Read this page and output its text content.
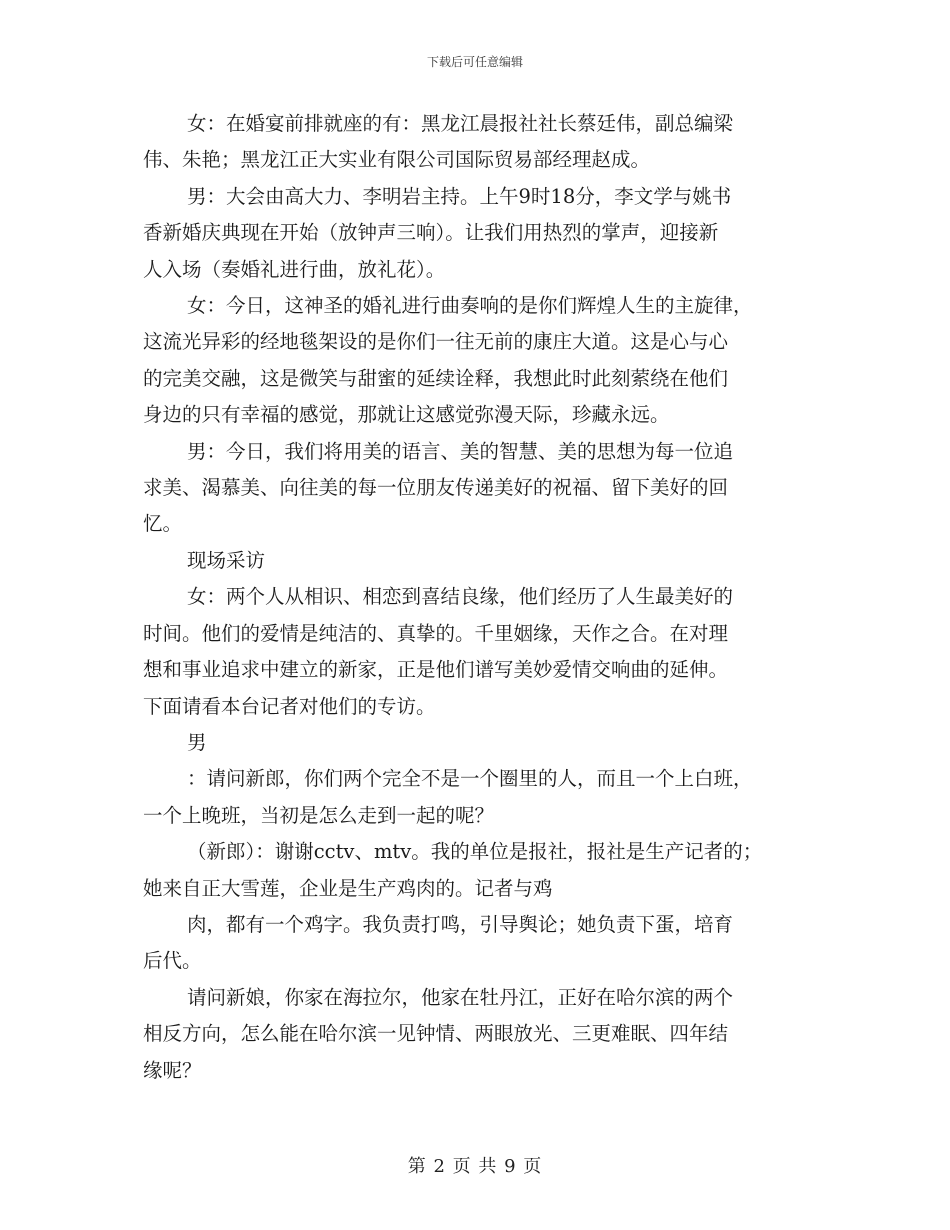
下载后可任意编辑

女：在婚宴前排就座的有：黑龙江晨报社社长蔡廷伟，副总编梁

伟、朱艳；黑龙江正大实业有限公司国际贸易部经理赵成。

男：大会由高大力、李明岩主持。上午9时18分，李文学与姚书

香新婚庆典现在开始（放钟声三响）。让我们用热烈的掌声，迎接新

人入场（奏婚礼进行曲，放礼花）。

女：今日，这神圣的婚礼进行曲奏响的是你们辉煌人生的主旋律，

这流光异彩的经地毯架设的是你们一往无前的康庄大道。这是心与心

的完美交融，这是微笑与甜蜜的延续诠释，我想此时此刻萦绕在他们

身边的只有幸福的感觉，那就让这感觉弥漫天际，珍藏永远。

男：今日，我们将用美的语言、美的智慧、美的思想为每一位追

求美、渴慕美、向往美的每一位朋友传递美好的祝福、留下美好的回

忆。

现场采访

女：两个人从相识、相恋到喜结良缘，他们经历了人生最美好的

时间。他们的爱情是纯洁的、真挚的。千里姻缘，天作之合。在对理

想和事业追求中建立的新家，正是他们谱写美妙爱情交响曲的延伸。

下面请看本台记者对他们的专访。

男

：请问新郎，你们两个完全不是一个圈里的人，而且一个上白班，

一个上晚班，当初是怎么走到一起的呢？

（新郎）：谢谢cctv、mtv。我的单位是报社，报社是生产记者的；

她来自正大雪莲，企业是生产鸡肉的。记者与鸡

肉，都有一个鸡字。我负责打鸣，引导舆论；她负责下蛋，培育

后代。

请问新娘，你家在海拉尔，他家在牡丹江，正好在哈尔滨的两个

相反方向，怎么能在哈尔滨一见钟情、两眼放光、三更难眠、四年结

缘呢？

第 2 页 共 9 页
